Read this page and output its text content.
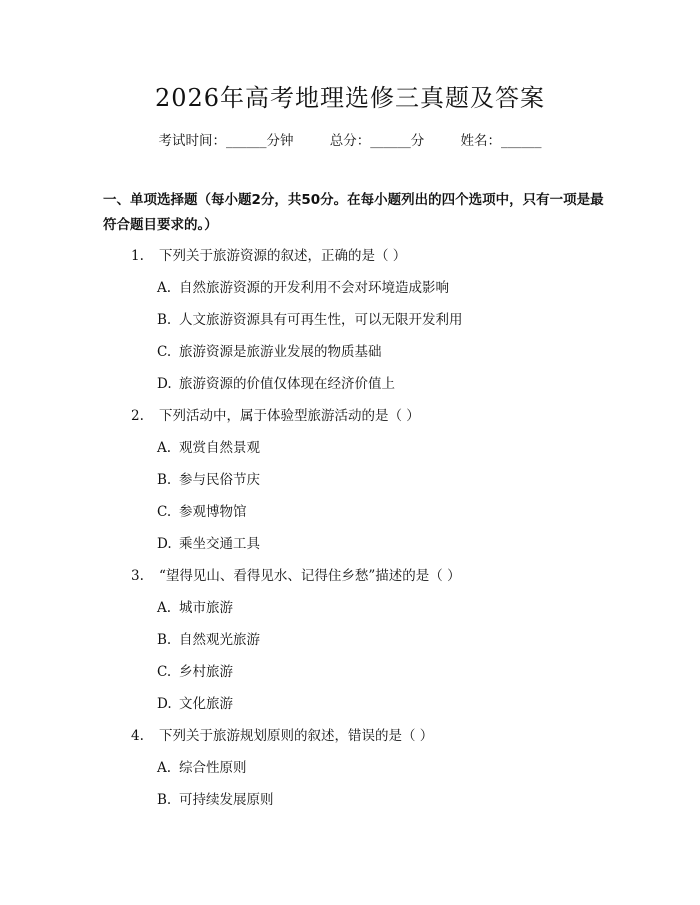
2026年高考地理选修三真题及答案
考试时间：______分钟	总分：______分	姓名：______
一、单项选择题（每小题2分，共50分。在每小题列出的四个选项中，只有一项是最符合题目要求的。）
1. 下列关于旅游资源的叙述，正确的是（ ）
A. 自然旅游资源的开发利用不会对环境造成影响
B. 人文旅游资源具有可再生性，可以无限开发利用
C. 旅游资源是旅游业发展的物质基础
D. 旅游资源的价值仅体现在经济价值上
2. 下列活动中，属于体验型旅游活动的是（ ）
A. 观赏自然景观
B. 参与民俗节庆
C. 参观博物馆
D. 乘坐交通工具
3. “望得见山、看得见水、记得住乡愁”描述的是（ ）
A. 城市旅游
B. 自然观光旅游
C. 乡村旅游
D. 文化旅游
4. 下列关于旅游规划原则的叙述，错误的是（ ）
A. 综合性原则
B. 可持续发展原则
